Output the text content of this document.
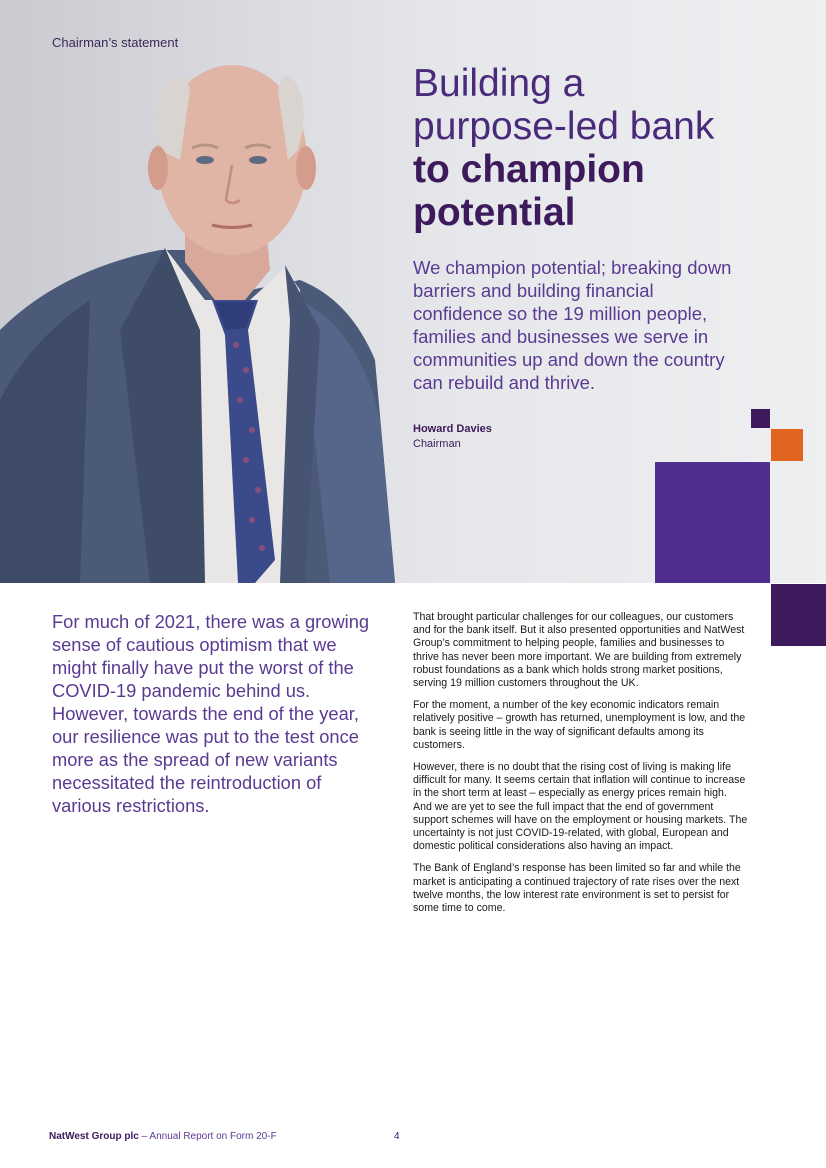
Chairman’s statement
Building a
purpose-led bank
to champion
potential

We champion potential; breaking down barriers and building financial confidence so the 19 million people, families and businesses we serve in communities up and down the country can rebuild and thrive.

Howard Davies
Chairman

For much of 2021, there was a growing sense of cautious optimism that we might finally have put the worst of the COVID-19 pandemic behind us. However, towards the end of the year, our resilience was put to the test once more as the spread of new variants necessitated the reintroduction of various restrictions.

That brought particular challenges for our colleagues, our customers and for the bank itself. But it also presented opportunities and NatWest Group’s commitment to helping people, families and businesses to thrive has never been more important. We are building from extremely robust foundations as a bank which holds strong market positions, serving 19 million customers throughout the UK.

For the moment, a number of the key economic indicators remain relatively positive – growth has returned, unemployment is low, and the bank is seeing little in the way of significant defaults among its customers.

However, there is no doubt that the rising cost of living is making life difficult for many. It seems certain that inflation will continue to increase in the short term at least – especially as energy prices remain high. And we are yet to see the full impact that the end of government support schemes will have on the employment or housing markets. The uncertainty is not just COVID-19-related, with global, European and domestic political considerations also having an impact.

The Bank of England’s response has been limited so far and while the market is anticipating a continued trajectory of rate rises over the next twelve months, the low interest rate environment is set to persist for some time to come.

NatWest Group plc – Annual Report on Form 20-F	4
